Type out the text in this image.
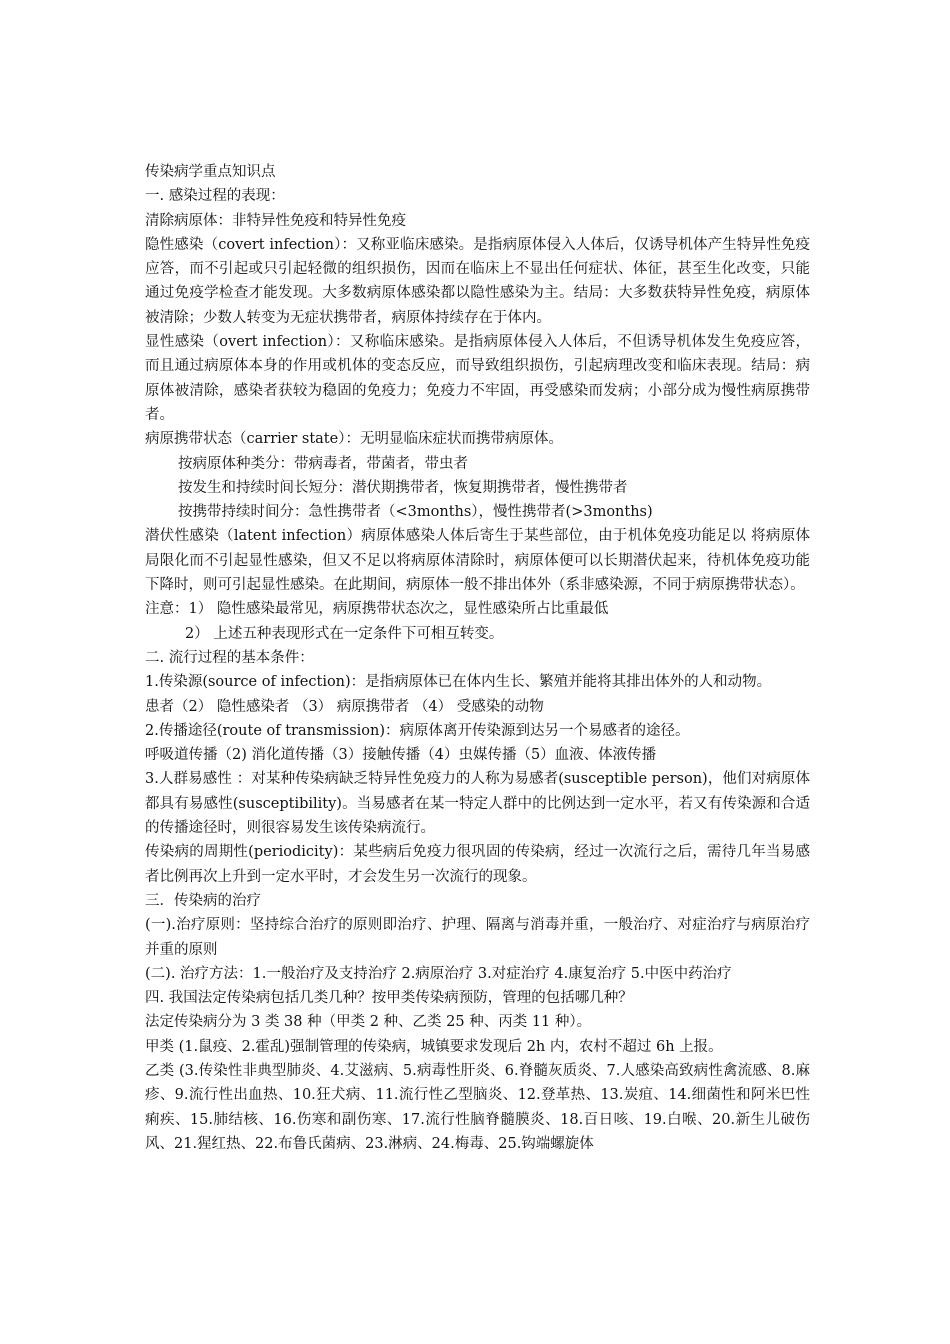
传染病学重点知识点

一. 感染过程的表现：

清除病原体：非特异性免疫和特异性免疫

隐性感染（covert infection）：又称亚临床感染。是指病原体侵入人体后，仅诱导机体产生特异性免疫应答，而不引起或只引起轻微的组织损伤，因而在临床上不显出任何症状、体征，甚至生化改变，只能通过免疫学检查才能发现。大多数病原体感染都以隐性感染为主。结局：大多数获特异性免疫，病原体被清除；少数人转变为无症状携带者，病原体持续存在于体内。

显性感染（overt infection）：又称临床感染。是指病原体侵入人体后，不但诱导机体发生免疫应答，而且通过病原体本身的作用或机体的变态反应，而导致组织损伤，引起病理改变和临床表现。结局：病原体被清除，感染者获较为稳固的免疫力；免疫力不牢固，再受感染而发病；小部分成为慢性病原携带者。

病原携带状态（carrier state）：无明显临床症状而携带病原体。

按病原体种类分：带病毒者，带菌者，带虫者

按发生和持续时间长短分：潜伏期携带者，恢复期携带者，慢性携带者

按携带持续时间分：急性携带者（<3months），慢性携带者(>3months)

潜伏性感染（latent infection）病原体感染人体后寄生于某些部位，由于机体免疫功能足以 将病原体局限化而不引起显性感染，但又不足以将病原体清除时，病原体便可以长期潜伏起来，待机体免疫功能下降时，则可引起显性感染。在此期间，病原体一般不排出体外（系非感染源，不同于病原携带状态）。

注意：1） 隐性感染最常见，病原携带状态次之，显性感染所占比重最低

2） 上述五种表现形式在一定条件下可相互转变。

二. 流行过程的基本条件：

1.传染源(source of infection)：是指病原体已在体内生长、繁殖并能将其排出体外的人和动物。

患者（2） 隐性感染者 （3） 病原携带者 （4） 受感染的动物

2.传播途径(route of transmission)：病原体离开传染源到达另一个易感者的途径。

呼吸道传播（2) 消化道传播（3）接触传播（4）虫媒传播（5）血液、体液传播

3.人群易感性 ：对某种传染病缺乏特异性免疫力的人称为易感者(susceptible person)，他们对病原体都具有易感性(susceptibility)。当易感者在某一特定人群中的比例达到一定水平，若又有传染源和合适的传播途径时，则很容易发生该传染病流行。

传染病的周期性(periodicity)：某些病后免疫力很巩固的传染病，经过一次流行之后，需待几年当易感者比例再次上升到一定水平时，才会发生另一次流行的现象。

三．传染病的治疗

(一).治疗原则：坚持综合治疗的原则即治疗、护理、隔离与消毒并重，一般治疗、对症治疗与病原治疗并重的原则

(二). 治疗方法：1.一般治疗及支持治疗 2.病原治疗 3.对症治疗 4.康复治疗 5.中医中药治疗

四. 我国法定传染病包括几类几种？按甲类传染病预防，管理的包括哪几种？

法定传染病分为 3 类 38 种（甲类 2 种、乙类 25 种、丙类 11 种）。

甲类 (1.鼠疫、2.霍乱)强制管理的传染病，城镇要求发现后 2h 内，农村不超过 6h 上报。

乙类 (3.传染性非典型肺炎、4.艾滋病、5.病毒性肝炎、6.脊髓灰质炎、7.人感染高致病性禽流感、8.麻疹、9.流行性出血热、10.狂犬病、11.流行性乙型脑炎、12.登革热、13.炭疽、14.细菌性和阿米巴性痢疾、15.肺结核、16.伤寒和副伤寒、17.流行性脑脊髓膜炎、18.百日咳、19.白喉、20.新生儿破伤风、21.猩红热、22.布鲁氏菌病、23.淋病、24.梅毒、25.钩端螺旋体
